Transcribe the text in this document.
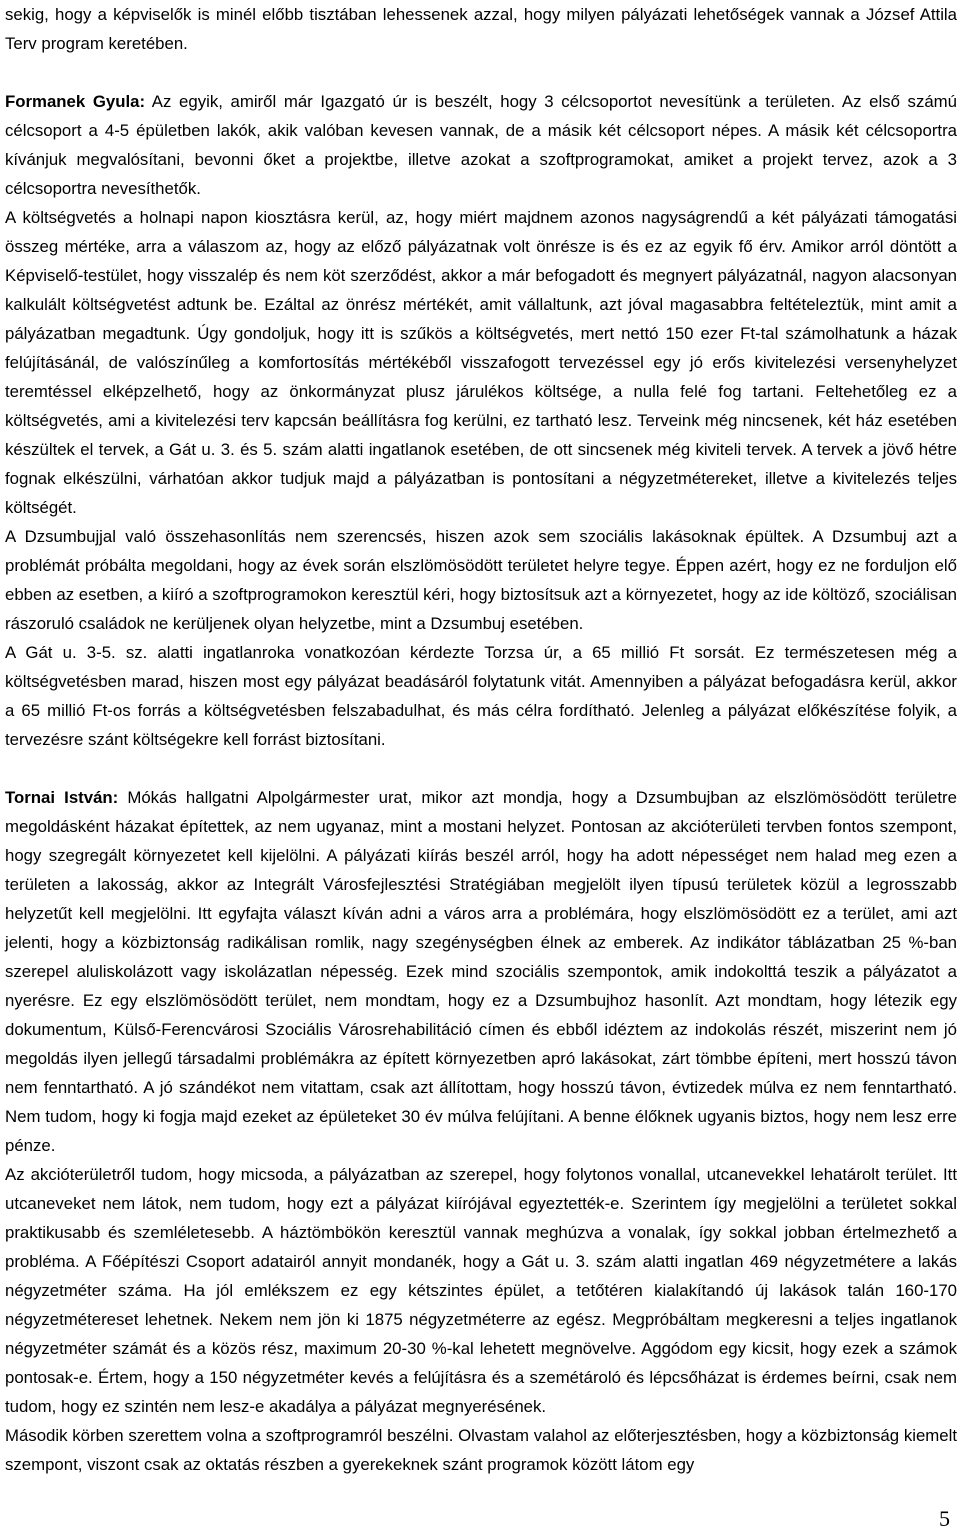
sekig, hogy a képviselők is minél előbb tisztában lehessenek azzal, hogy milyen pályázati lehetőségek vannak a József Attila Terv program keretében.

Formanek Gyula: Az egyik, amiről már Igazgató úr is beszélt, hogy 3 célcsoportot nevesítünk a területen. Az első számú célcsoport a 4-5 épületben lakók, akik valóban kevesen vannak, de a másik két célcsoport népes. A másik két célcsoportra kívánjuk megvalósítani, bevonni őket a projektbe, illetve azokat a szoftprogramokat, amiket a projekt tervez, azok a 3 célcsoportra nevesíthetők.

A költségvetés a holnapi napon kiosztásra kerül, az, hogy miért majdnem azonos nagyságrendű a két pályázati támogatási összeg mértéke, arra a válaszom az, hogy az előző pályázatnak volt önrésze is és ez az egyik fő érv. Amikor arról döntött a Képviselő-testület, hogy visszalép és nem köt szerződést, akkor a már befogadott és megnyert pályázatnál, nagyon alacsonyan kalkulált költségvetést adtunk be. Ezáltal az önrész mértékét, amit vállaltunk, azt jóval magasabbra feltételeztük, mint amit a pályázatban megadtunk. Úgy gondoljuk, hogy itt is szűkös a költségvetés, mert nettó 150 ezer Ft-tal számolhatunk a házak felújításánál, de valószínűleg a komfortosítás mértékéből visszafogott tervezéssel egy jó erős kivitelezési versenyhelyzet teremtéssel elképzelhető, hogy az önkormányzat plusz járulékos költsége, a nulla felé fog tartani. Feltehetőleg ez a költségvetés, ami a kivitelezési terv kapcsán beállításra fog kerülni, ez tartható lesz. Terveink még nincsenek, két ház esetében készültek el tervek, a Gát u. 3. és 5. szám alatti ingatlanok esetében, de ott sincsenek még kiviteli tervek. A tervek a jövő hétre fognak elkészülni, várhatóan akkor tudjuk majd a pályázatban is pontosítani a négyzetmétereket, illetve a kivitelezés teljes költségét.

A Dzsumbujjal való összehasonlítás nem szerencsés, hiszen azok sem szociális lakásoknak épültek. A Dzsumbuj azt a problémát próbálta megoldani, hogy az évek során elszlömösödött területet helyre tegye. Éppen azért, hogy ez ne forduljon elő ebben az esetben, a kiíró a szoftprogramokon keresztül kéri, hogy biztosítsuk azt a környezetet, hogy az ide költöző, szociálisan rászoruló családok ne kerüljenek olyan helyzetbe, mint a Dzsumbuj esetében.

A Gát u. 3-5. sz. alatti ingatlanroka vonatkozóan kérdezte Torzsa úr, a 65 millió Ft sorsát. Ez természetesen még a költségvetésben marad, hiszen most egy pályázat beadásáról folytatunk vitát. Amennyiben a pályázat befogadásra kerül, akkor a 65 millió Ft-os forrás a költségvetésben felszabadulhat, és más célra fordítható. Jelenleg a pályázat előkészítése folyik, a tervezésre szánt költségekre kell forrást biztosítani.

Tornai István: Mókás hallgatni Alpolgármester urat, mikor azt mondja, hogy a Dzsumbujban az elszlömösödött területre megoldásként házakat építettek, az nem ugyanaz, mint a mostani helyzet. Pontosan az akcióterületi tervben fontos szempont, hogy szegregált környezetet kell kijelölni. A pályázati kiírás beszél arról, hogy ha adott népességet nem halad meg ezen a területen a lakosság, akkor az Integrált Városfejlesztési Stratégiában megjelölt ilyen típusú területek közül a legrosszabb helyzetűt kell megjelölni. Itt egyfajta választ kíván adni a város arra a problémára, hogy elszlömösödött ez a terület, ami azt jelenti, hogy a közbiztonság radikálisan romlik, nagy szegénységben élnek az emberek. Az indikátor táblázatban 25 %-ban szerepel aluliskolázott vagy iskolázatlan népesség. Ezek mind szociális szempontok, amik indokolttá teszik a pályázatot a nyerésre. Ez egy elszlömösödött terület, nem mondtam, hogy ez a Dzsumbujhoz hasonlít. Azt mondtam, hogy létezik egy dokumentum, Külső-Ferencvárosi Szociális Városrehabilitáció címen és ebből idéztem az indokolás részét, miszerint nem jó megoldás ilyen jellegű társadalmi problémákra az épített környezetben apró lakásokat, zárt tömbbe építeni, mert hosszú távon nem fenntartható. A jó szándékot nem vitattam, csak azt állítottam, hogy hosszú távon, évtizedek múlva ez nem fenntartható. Nem tudom, hogy ki fogja majd ezeket az épületeket 30 év múlva felújítani. A benne élőknek ugyanis biztos, hogy nem lesz erre pénze.

Az akcióterületről tudom, hogy micsoda, a pályázatban az szerepel, hogy folytonos vonallal, utcanevekkel lehatárolt terület. Itt utcaneveket nem látok, nem tudom, hogy ezt a pályázat kiírójával egyeztették-e. Szerintem így megjelölni a területet sokkal praktikusabb és szemléletesebb. A háztömbökön keresztül vannak meghúzva a vonalak, így sokkal jobban értelmezhető a probléma. A Főépítészi Csoport adatairól annyit mondanék, hogy a Gát u. 3. szám alatti ingatlan 469 négyzetmétere a lakás négyzetméter száma. Ha jól emlékszem ez egy kétszintes épület, a tetőtéren kialakítandó új lakások talán 160-170 négyzetmétereset lehetnek. Nekem nem jön ki 1875 négyzetméterre az egész. Megpróbáltam megkeresni a teljes ingatlanok négyzetméter számát és a közös rész, maximum 20-30 %-kal lehetett megnövelve. Aggódom egy kicsit, hogy ezek a számok pontosak-e. Értem, hogy a 150 négyzetméter kevés a felújításra és a szemétároló és lépcsőházat is érdemes beírni, csak nem tudom, hogy ez szintén nem lesz-e akadálya a pályázat megnyerésének.

Második körben szerettem volna a szoftprogramról beszélni. Olvastam valahol az előterjesztésben, hogy a közbiztonság kiemelt szempont, viszont csak az oktatás részben a gyerekeknek szánt programok között látom egy

5
